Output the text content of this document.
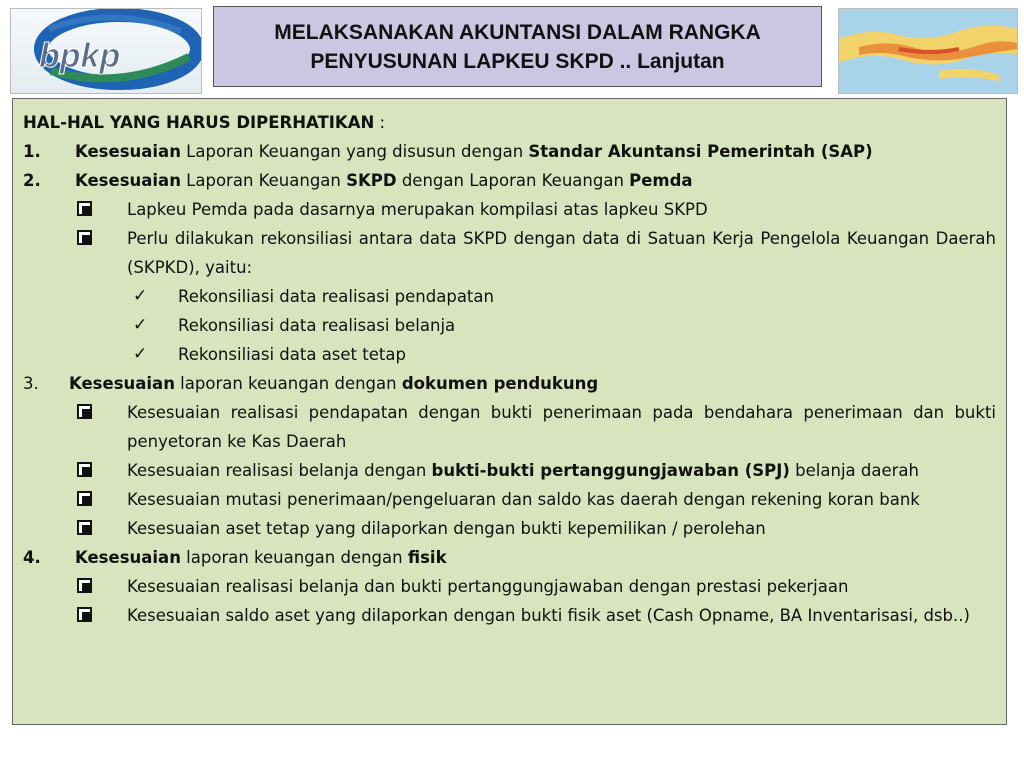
bpkp
MELAKSANAKAN AKUNTANSI DALAM RANGKA
PENYUSUNAN LAPKEU SKPD .. Lanjutan
HAL-HAL YANG HARUS DIPERHATIKAN :
1.	Kesesuaian Laporan Keuangan yang disusun dengan Standar Akuntansi Pemerintah (SAP)
2.	Kesesuaian Laporan Keuangan SKPD dengan Laporan Keuangan Pemda
Lapkeu Pemda pada dasarnya merupakan kompilasi atas lapkeu SKPD
Perlu dilakukan rekonsiliasi antara data SKPD dengan data di Satuan Kerja Pengelola Keuangan Daerah (SKPKD), yaitu:
✓ Rekonsiliasi data realisasi pendapatan
✓ Rekonsiliasi data realisasi belanja
✓ Rekonsiliasi data aset tetap
3.	Kesesuaian laporan keuangan dengan dokumen pendukung
Kesesuaian realisasi pendapatan dengan bukti penerimaan pada bendahara penerimaan dan bukti penyetoran ke Kas Daerah
Kesesuaian realisasi belanja dengan bukti-bukti pertanggungjawaban (SPJ) belanja daerah
Kesesuaian mutasi penerimaan/pengeluaran dan saldo kas daerah dengan rekening koran bank
Kesesuaian aset tetap yang dilaporkan dengan bukti kepemilikan / perolehan
4.	Kesesuaian laporan keuangan dengan fisik
Kesesuaian realisasi belanja dan bukti pertanggungjawaban dengan prestasi pekerjaan
Kesesuaian saldo aset yang dilaporkan dengan bukti fisik aset (Cash Opname, BA Inventarisasi, dsb..)
